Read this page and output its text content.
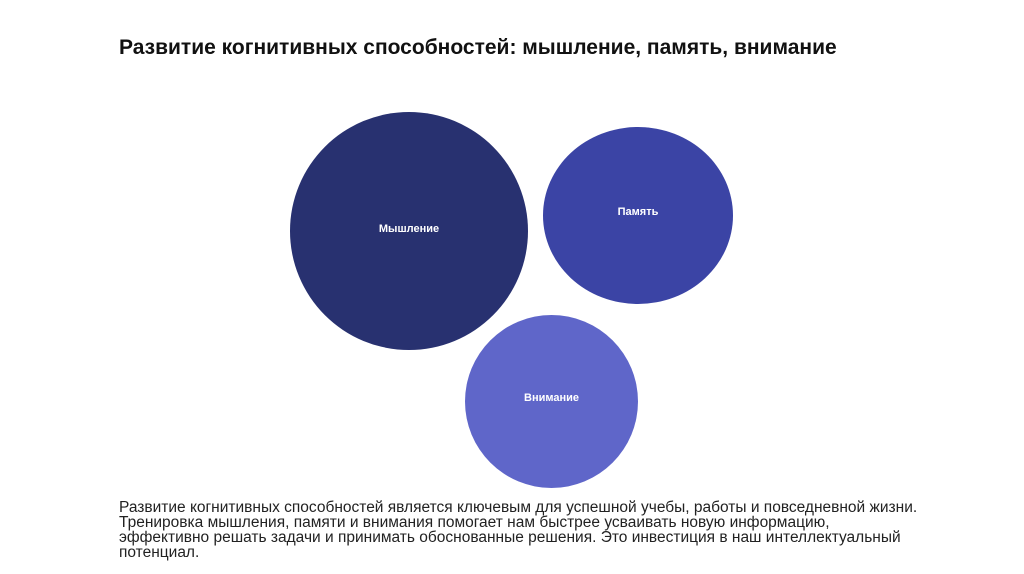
Развитие когнитивных способностей: мышление, память, внимание
Мышление
Память
Внимание

Развитие когнитивных способностей является ключевым для успешной учебы, работы и повседневной жизни. Тренировка мышления, памяти и внимания помогает нам быстрее усваивать новую информацию, эффективно решать задачи и принимать обоснованные решения. Это инвестиция в наш интеллектуальный потенциал.
